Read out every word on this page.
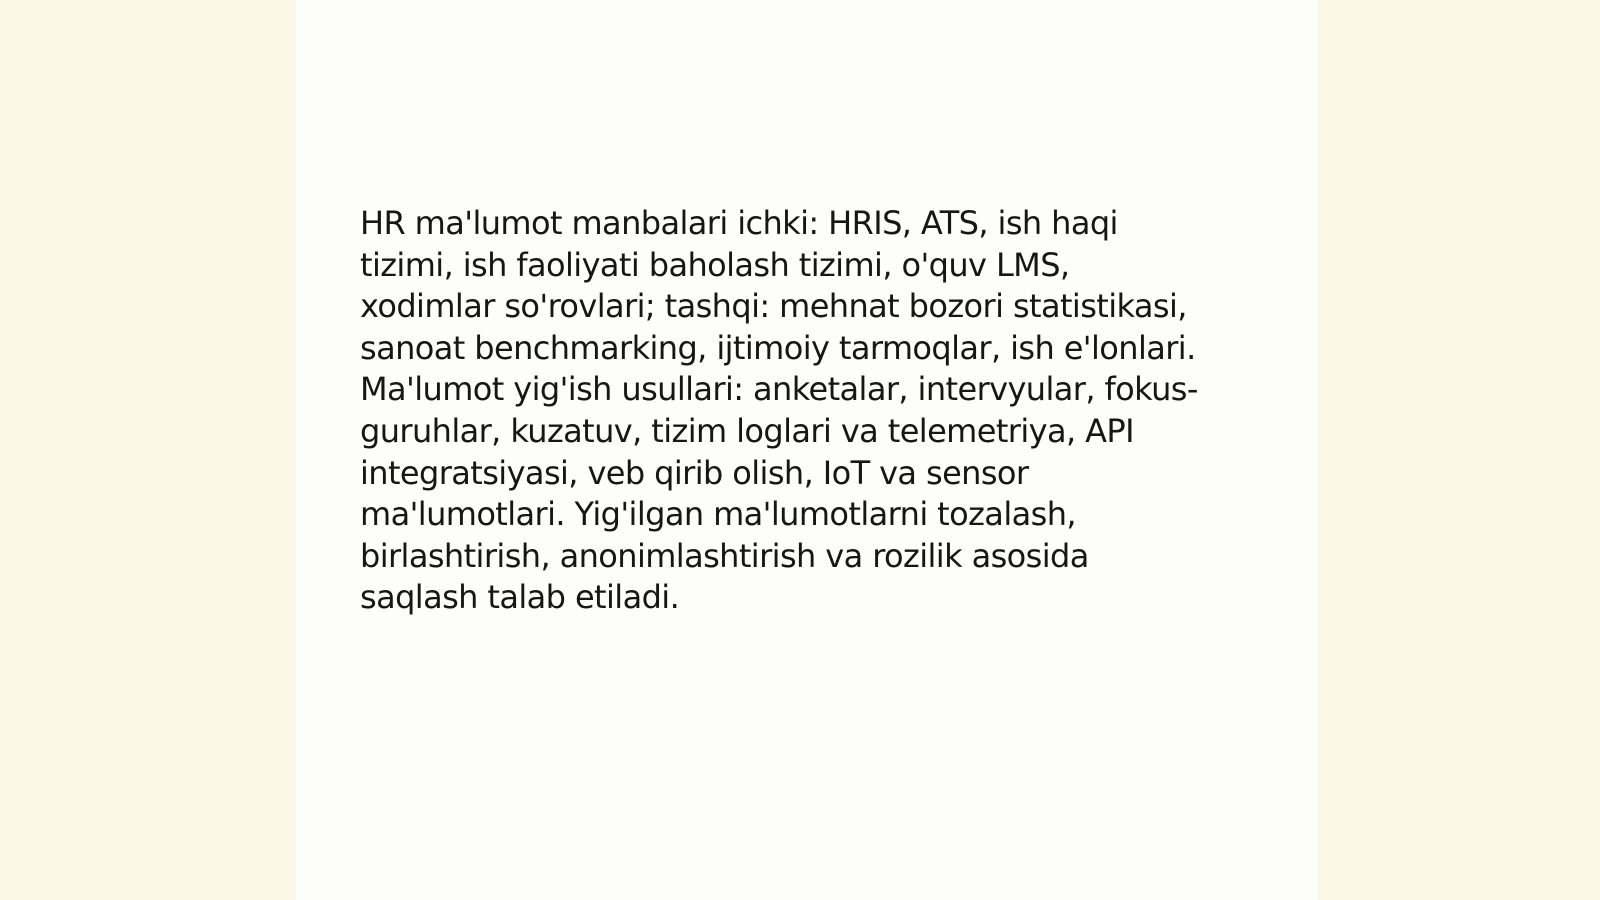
HR ma'lumot manbalari ichki: HRIS, ATS, ish haqi
tizimi, ish faoliyati baholash tizimi, o'quv LMS,
xodimlar so'rovlari; tashqi: mehnat bozori statistikasi,
sanoat benchmarking, ijtimoiy tarmoqlar, ish e'lonlari.
Ma'lumot yig'ish usullari: anketalar, intervyular, fokus-
guruhlar, kuzatuv, tizim loglari va telemetriya, API
integratsiyasi, veb qirib olish, IoT va sensor
ma'lumotlari. Yig'ilgan ma'lumotlarni tozalash,
birlashtirish, anonimlashtirish va rozilik asosida
saqlash talab etiladi.
